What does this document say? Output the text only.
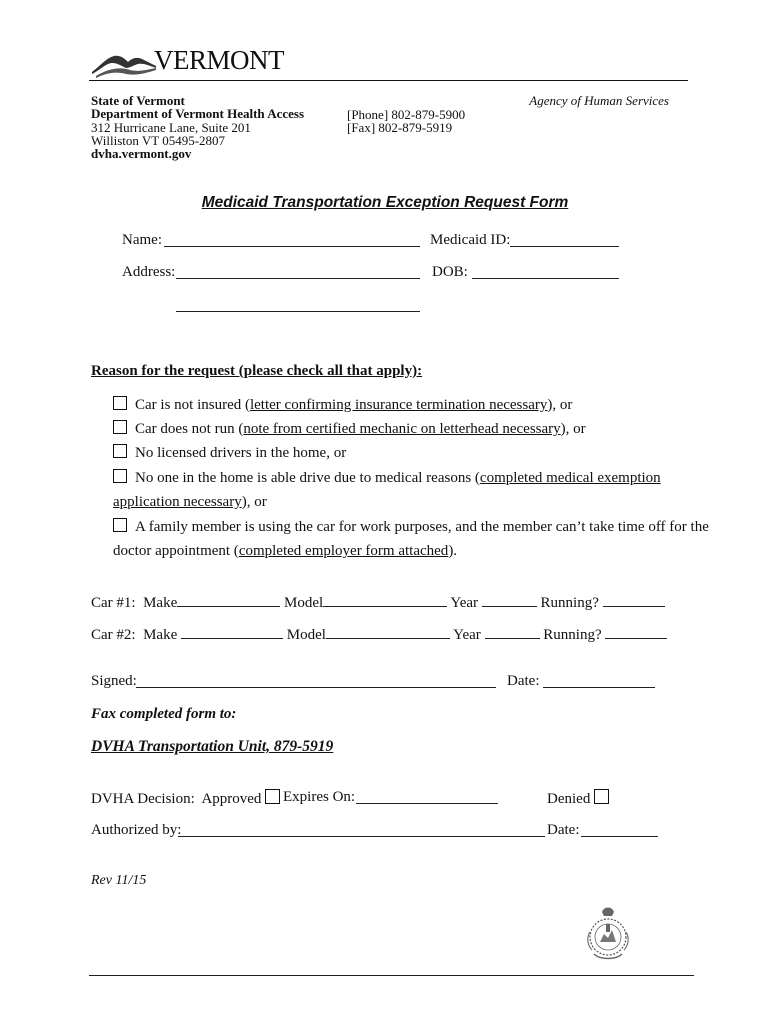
VERMONT
State of Vermont
Department of Vermont Health Access
312 Hurricane Lane, Suite 201
Williston VT 05495-2807
dvha.vermont.gov
[Phone] 802-879-5900
[Fax] 802-879-5919
Agency of Human Services
Medicaid Transportation Exception Request Form
Name:	Medicaid ID:
Address:	DOB:
Reason for the request (please check all that apply):
Car is not insured (letter confirming insurance termination necessary), or
Car does not run (note from certified mechanic on letterhead necessary), or
No licensed drivers in the home, or
No one in the home is able drive due to medical reasons (completed medical exemption
application necessary), or
A family member is using the car for work purposes, and the member can’t take time off for the
doctor appointment (completed employer form attached).
Car #1: Make	Model	Year	Running?
Car #2: Make	Model	Year	Running?
Signed:	Date:
Fax completed form to:
DVHA Transportation Unit, 879-5919
DVHA Decision: Approved	Expires On:	Denied
Authorized by:	Date:
Rev 11/15
